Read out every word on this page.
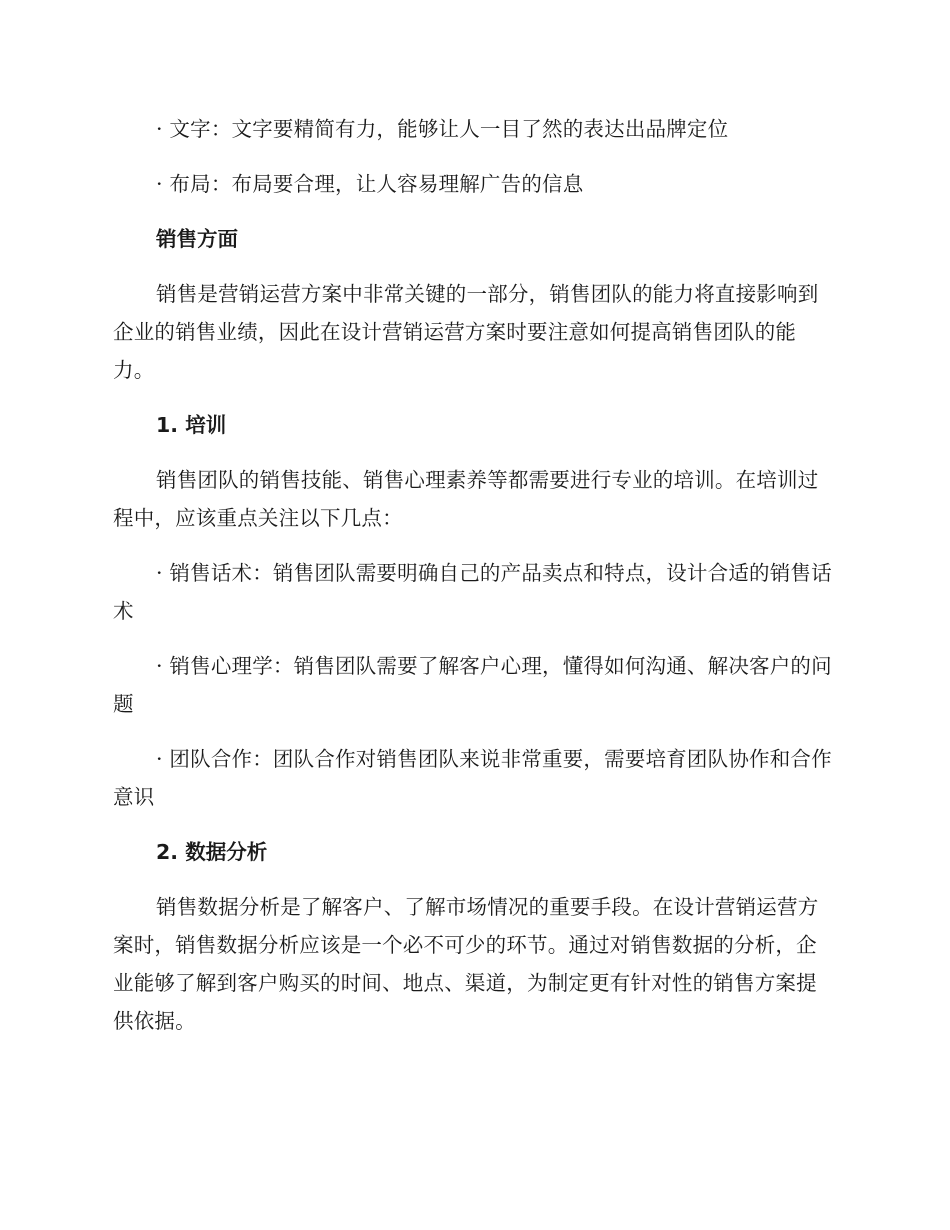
· 文字：文字要精简有力，能够让人一目了然的表达出品牌定位

· 布局：布局要合理，让人容易理解广告的信息

销售方面

销售是营销运营方案中非常关键的一部分，销售团队的能力将直接影响到企业的销售业绩，因此在设计营销运营方案时要注意如何提高销售团队的能力。

1. 培训

销售团队的销售技能、销售心理素养等都需要进行专业的培训。在培训过程中，应该重点关注以下几点：

· 销售话术：销售团队需要明确自己的产品卖点和特点，设计合适的销售话术

· 销售心理学：销售团队需要了解客户心理，懂得如何沟通、解决客户的问题

· 团队合作：团队合作对销售团队来说非常重要，需要培育团队协作和合作意识

2. 数据分析

销售数据分析是了解客户、了解市场情况的重要手段。在设计营销运营方案时，销售数据分析应该是一个必不可少的环节。通过对销售数据的分析，企业能够了解到客户购买的时间、地点、渠道，为制定更有针对性的销售方案提供依据。
